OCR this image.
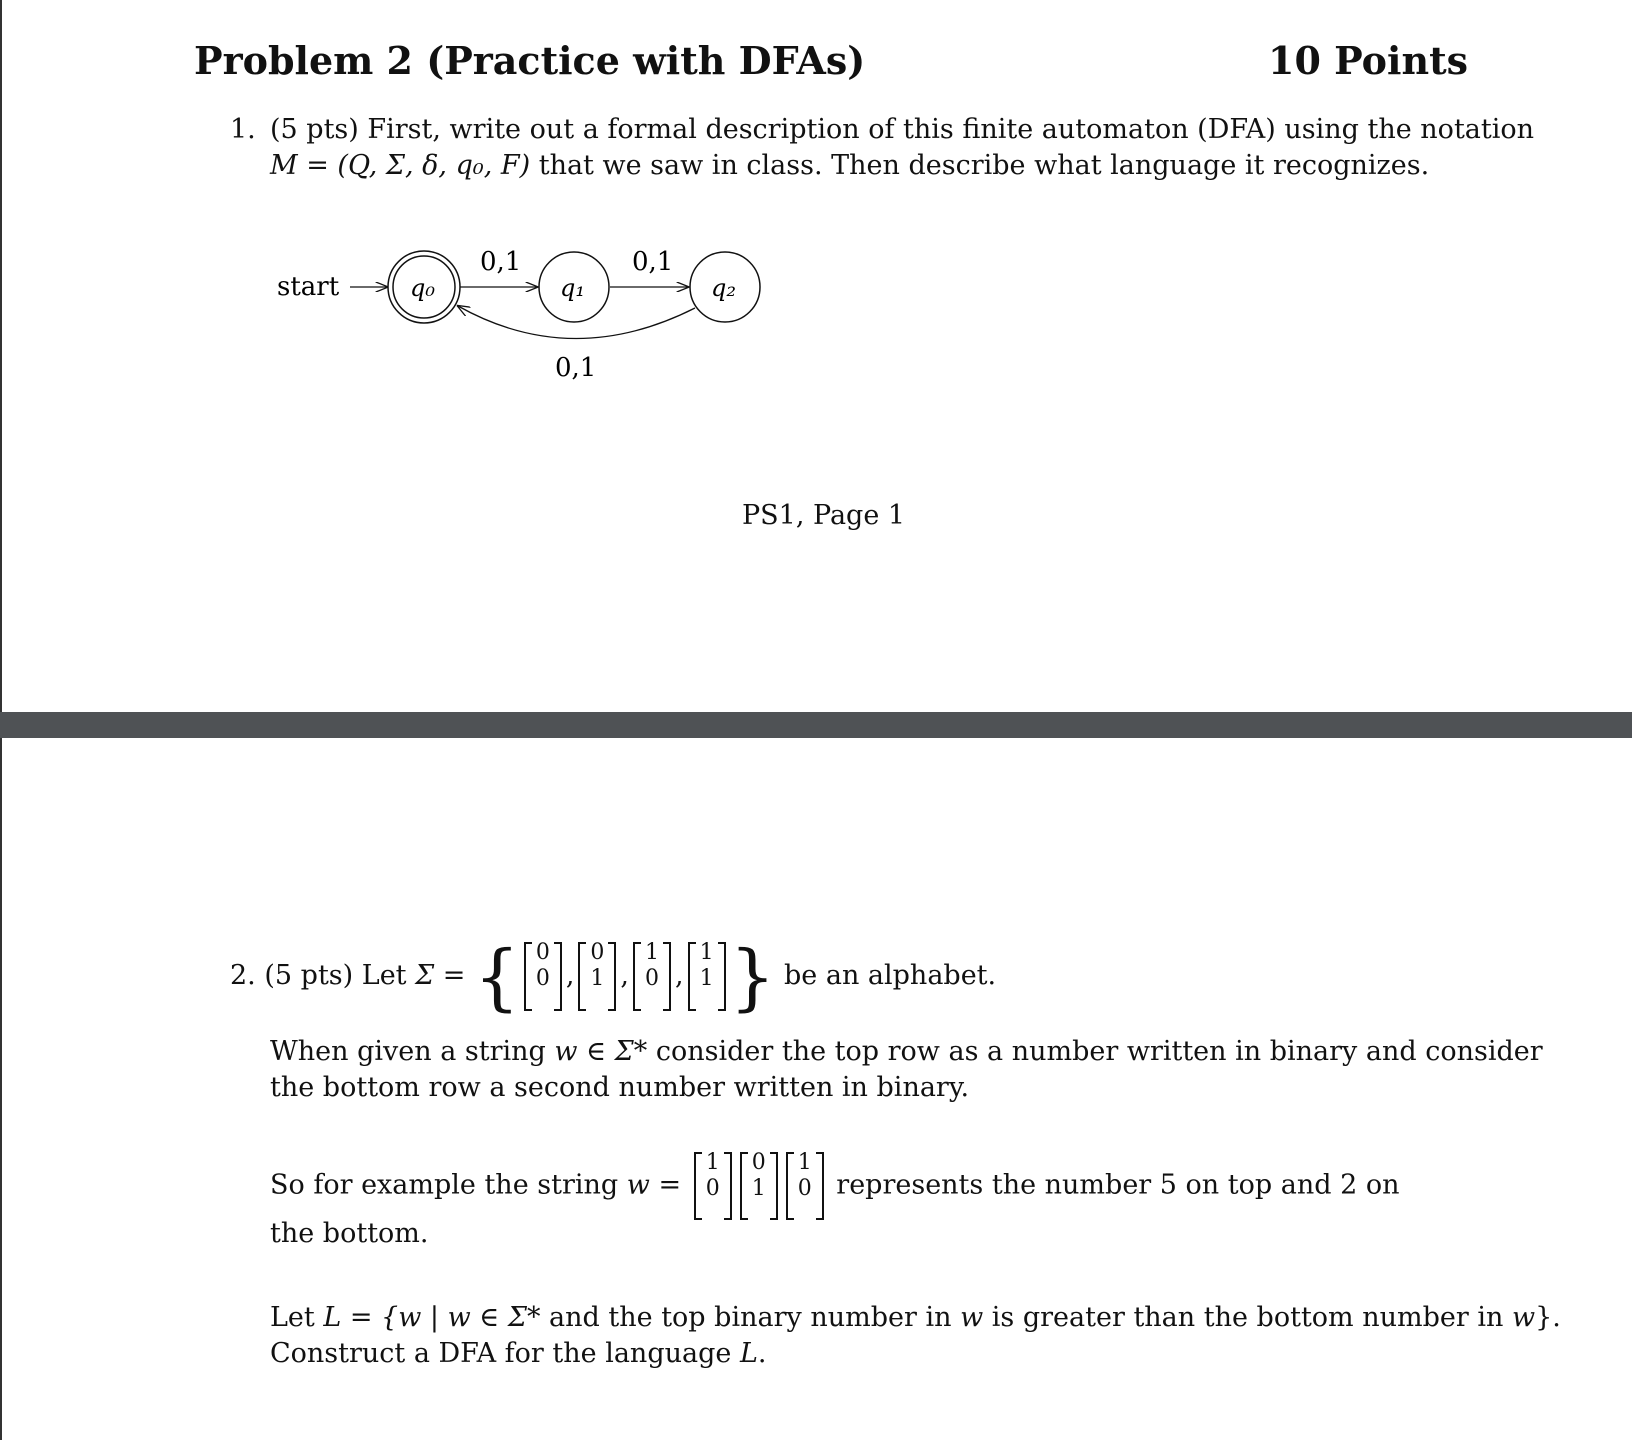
Problem 2 (Practice with DFAs)	10 Points
1. (5 pts) First, write out a formal description of this finite automaton (DFA) using the notation
M = (Q, Σ, δ, q₀, F) that we saw in class. Then describe what language it recognizes.
start	q₀	q₁	q₂
0,1	0,1
0,1
PS1, Page 1
2. (5 pts) Let Σ = { 0
0 ,0
1 ,1
0 ,1
1 } be an alphabet.
When given a string w ∈ Σ* consider the top row as a number written in binary and consider
the bottom row a second number written in binary.
So for example the string w = 1
00
11
0 represents the number 5 on top and 2 on
the bottom.
Let L = {w | w ∈ Σ* and the top binary number in w is greater than the bottom number in w}.
Construct a DFA for the language L.
